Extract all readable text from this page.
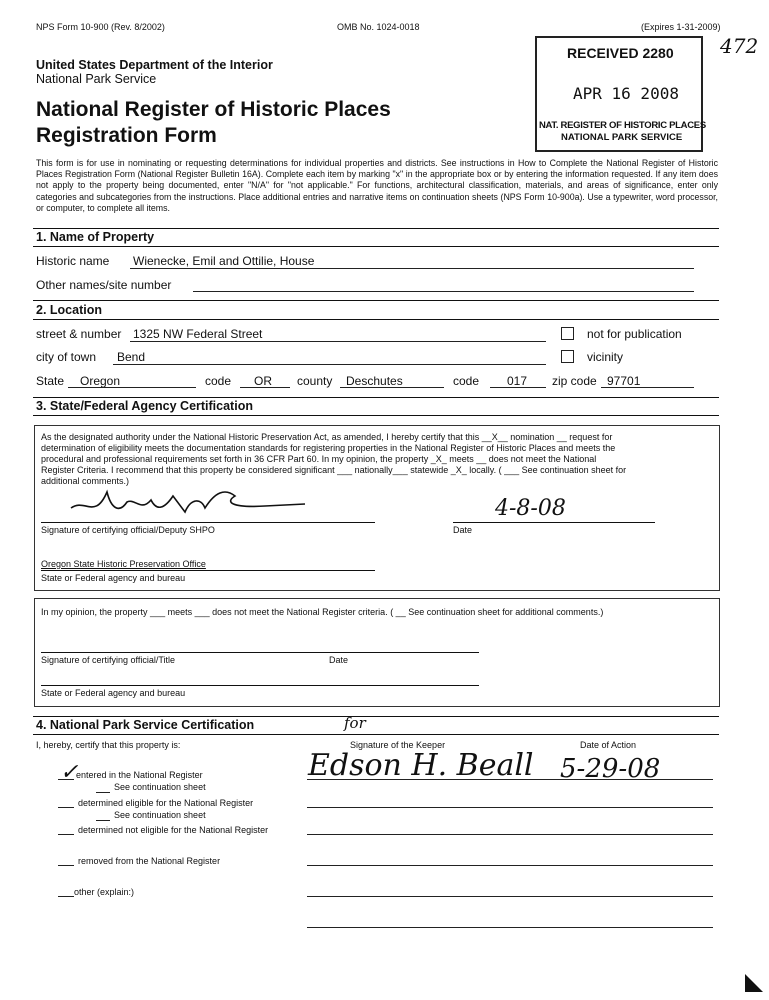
NPS Form 10-900 (Rev. 8/2002)	OMB No. 1024-0018	(Expires 1-31-2009)
472
United States Department of the Interior
National Park Service
National Register of Historic Places
Registration Form
RECEIVED 2280
APR 16 2008
NAT. REGISTER OF HISTORIC PLACES
NATIONAL PARK SERVICE
This form is for use in nominating or requesting determinations for individual properties and districts. See instructions in How to Complete the National Register of Historic Places Registration Form (National Register Bulletin 16A). Complete each item by marking "x" in the appropriate box or by entering the information requested. If any item does not apply to the property being documented, enter "N/A" for "not applicable." For functions, architectural classification, materials, and areas of significance, enter only categories and subcategories from the instructions. Place additional entries and narrative items on continuation sheets (NPS Form 10-900a). Use a typewriter, word processor, or computer, to complete all items.
1. Name of Property
Historic name Wienecke, Emil and Ottilie, House
Other names/site number
2. Location
street & number 1325 NW Federal Street	not for publication
city of town Bend	vicinity
State Oregon	code OR county Deschutes	code 017 zip code 97701
3. State/Federal Agency Certification
As the designated authority under the National Historic Preservation Act, as amended, I hereby certify that this __X__ nomination __ request for
determination of eligibility meets the documentation standards for registering properties in the National Register of Historic Places and meets the
procedural and professional requirements set forth in 36 CFR Part 60. In my opinion, the property _X_ meets __ does not meet the National
Register Criteria. I recommend that this property be considered significant ___ nationally___ statewide _X_ locally. ( ___ See continuation sheet for
additional comments.)
Signature of certifying official/Deputy SHPO
4-8-08
Date
Oregon State Historic Preservation Office
State or Federal agency and bureau
In my opinion, the property ___ meets ___ does not meet the National Register criteria. ( __ See continuation sheet for additional comments.)
Signature of certifying official/Title	Date
State or Federal agency and bureau
4. National Park Service Certification
I, hereby, certify that this property is:
for
Signature of the Keeper	Date of Action
Edson H. Beall 5-29-08
✓
entered in the National Register
See continuation sheet
determined eligible for the National Register
See continuation sheet
determined not eligible for the National Register
removed from the National Register
other (explain:)
